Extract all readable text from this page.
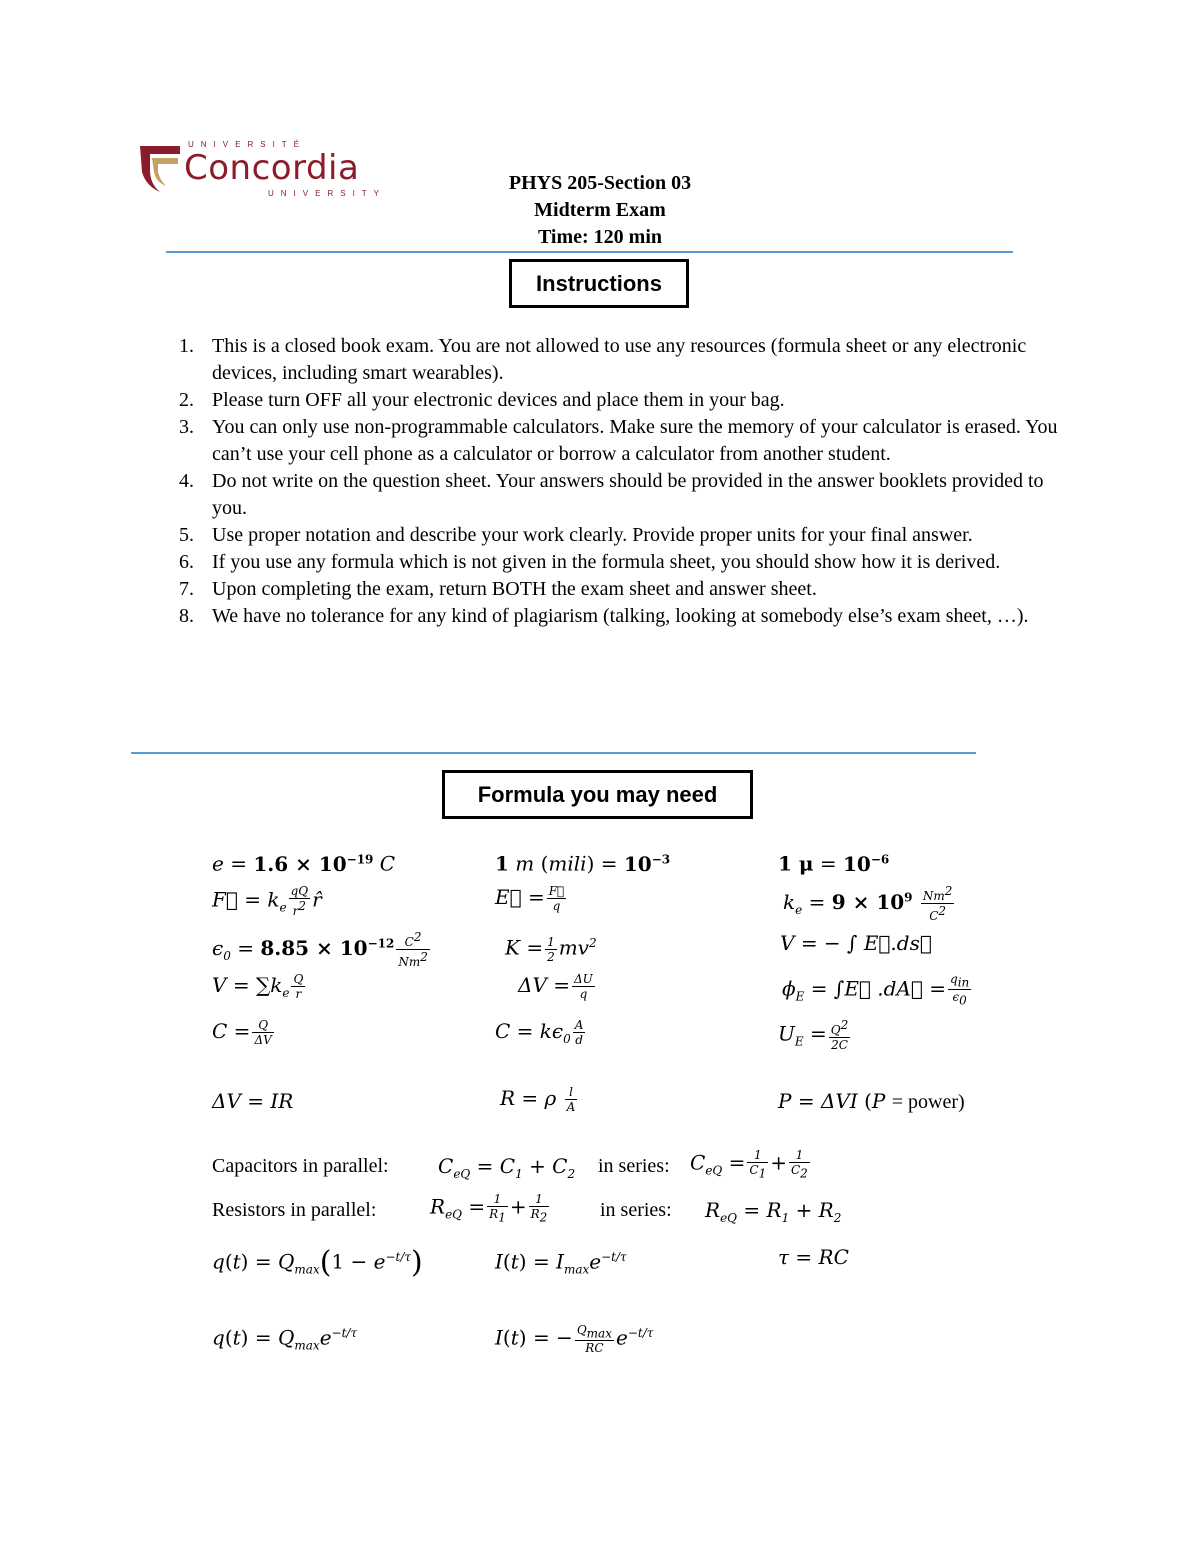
UNIVERSITÉ
Concordia
UNIVERSITY	PHYS 205-Section 03
Midterm Exam
Time: 120 min
Instructions
1. This is a closed book exam. You are not allowed to use any resources (formula sheet or any electronic devices, including smart wearables).
2. Please turn OFF all your electronic devices and place them in your bag.
3. You can only use non-programmable calculators. Make sure the memory of your calculator is erased. You can’t use your cell phone as a calculator or borrow a calculator from another student.
4. Do not write on the question sheet. Your answers should be provided in the answer booklets provided to you.
5. Use proper notation and describe your work clearly. Provide proper units for your final answer.
6. If you use any formula which is not given in the formula sheet, you should show how it is derived.
7. Upon completing the exam, return BOTH the exam sheet and answer sheet.
8. We have no tolerance for any kind of plagiarism (talking, looking at somebody else’s exam sheet, …).
Formula you may need
$e = 1.6 \times 10^{-19}$ C	1 m (mili) = $10^{-3}$	1 $\mu = 10^{-6}$
F⃗ = $k_e \frac{qQ}{r^2}$ r̂	E⃗ = $\frac{F⃗}{q}$	$k_e = 9 \times 10^9 \frac{Nm^2}{C^2}$
$\epsilon_0 = 8.85 \times 10^{-12} \frac{C^2}{Nm^2}$	$K = \frac{1}{2} mv^2$	V = − ∫ E⃗.ds⃗
$V = \sum k_e \frac{Q}{r}$	$\Delta V = \frac{\Delta U}{q}$	$\phi_E$ = ∫E⃗ .dA⃗ = $q_{in}$
$\epsilon_0$
$C = \frac{Q}{\Delta V}$	$C = k\epsilon_0 \frac{A}{d}$	$U_E = \frac{Q^2}{2C}$
ΔV = IR	R = ρ $\frac{l}{A}$	P = ΔVI (P = power)
Capacitors in parallel: $C_{eQ} = C_1 + C_2$ in series: $C_{eQ} = \frac{1}{C_1} + \frac{1}{C_2}$
Resistors in parallel:	$R_{eQ} = \frac{1}{R_1} + \frac{1}{R_2}$	in series: $R_{eQ} = R_1 + R_2$
$q(t) = Q_{max}(1 - e^{-t/\tau})$	$I(t) = I_{max}e^{-t/\tau}$	τ = RC
$q(t) = Q_{max}e^{-t/\tau}$	I(t) = − $Q_{max}$
RC $e^{-t/\tau}$
